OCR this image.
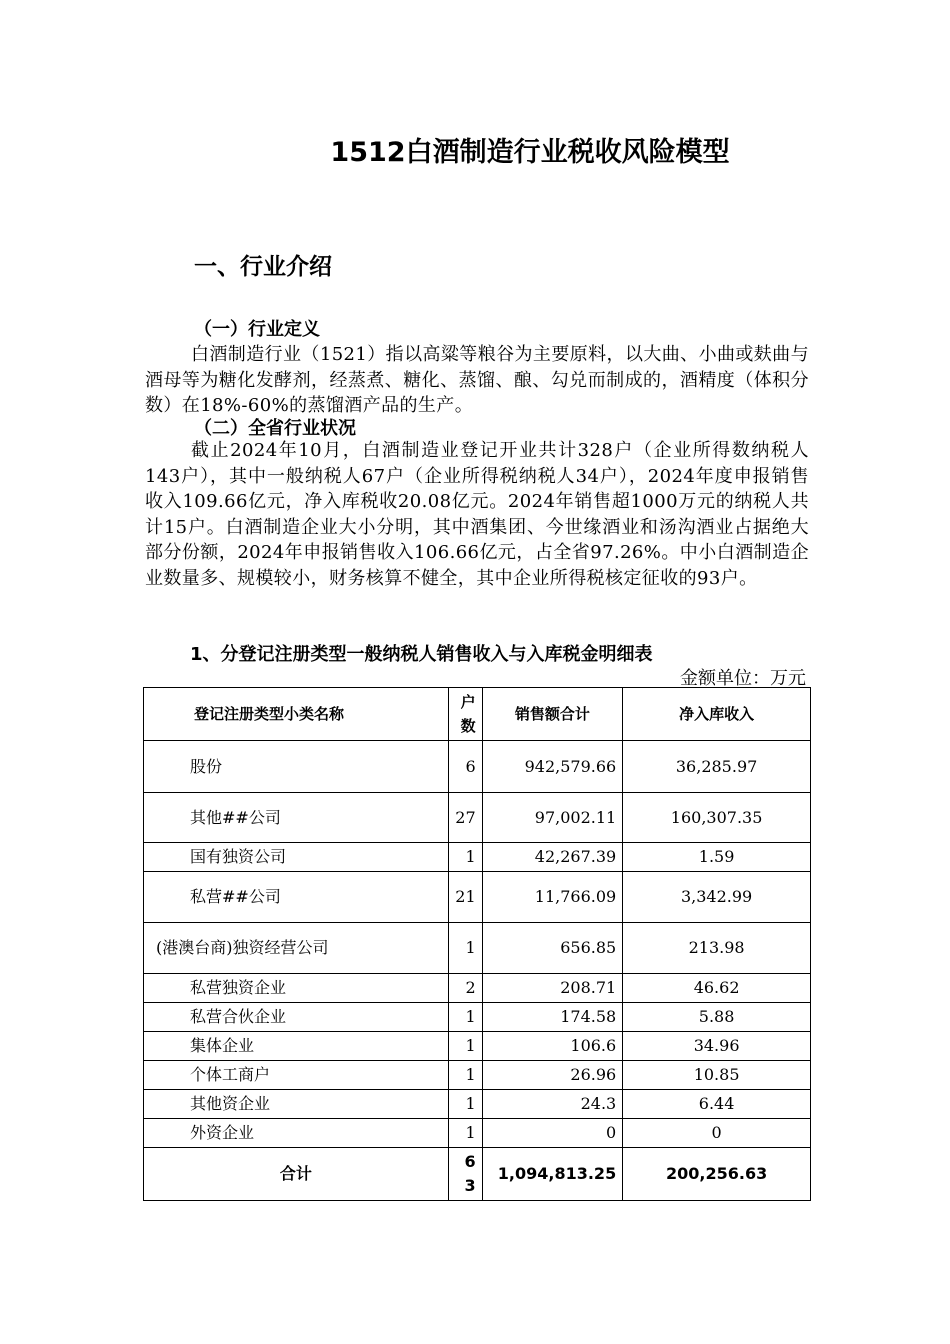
1512白酒制造行业税收风险模型
一、行业介绍
（一）行业定义

白酒制造行业（1521）指以高粱等粮谷为主要原料，以大曲、小曲或麸曲与酒母等为糖化发酵剂，经蒸煮、糖化、蒸馏、酿、勾兑而制成的，酒精度（体积分数）在18%-60%的蒸馏酒产品的生产。

（二）全省行业状况

截止2024年10月，白酒制造业登记开业共计328户（企业所得数纳税人143户），其中一般纳税人67户（企业所得税纳税人34户），2024年度申报销售收入109.66亿元，净入库税收20.08亿元。2024年销售超1000万元的纳税人共计15户。白酒制造企业大小分明，其中酒集团、今世缘酒业和汤沟酒业占据绝大部分份额，2024年申报销售收入106.66亿元，占全省97.26%。中小白酒制造企业数量多、规模较小，财务核算不健全，其中企业所得税核定征收的93户。

1、分登记注册类型一般纳税人销售收入与入库税金明细表

金额单位：万元

登记注册类型小类名称	户数	销售额合计	净入库收入
股份	6	942,579.66	36,285.97
其他##公司	27	97,002.11	160,307.35
国有独资公司	1	42,267.39	1.59
私营##公司	21	11,766.09	3,342.99
(港澳台商)独资经营公司	1	656.85	213.98
私营独资企业	2	208.71	46.62
私营合伙企业	1	174.58	5.88
集体企业	1	106.6	34.96
个体工商户	1	26.96	10.85
其他资企业	1	24.3	6.44
外资企业	1	0	0
合计	63	1,094,813.25	200,256.63
